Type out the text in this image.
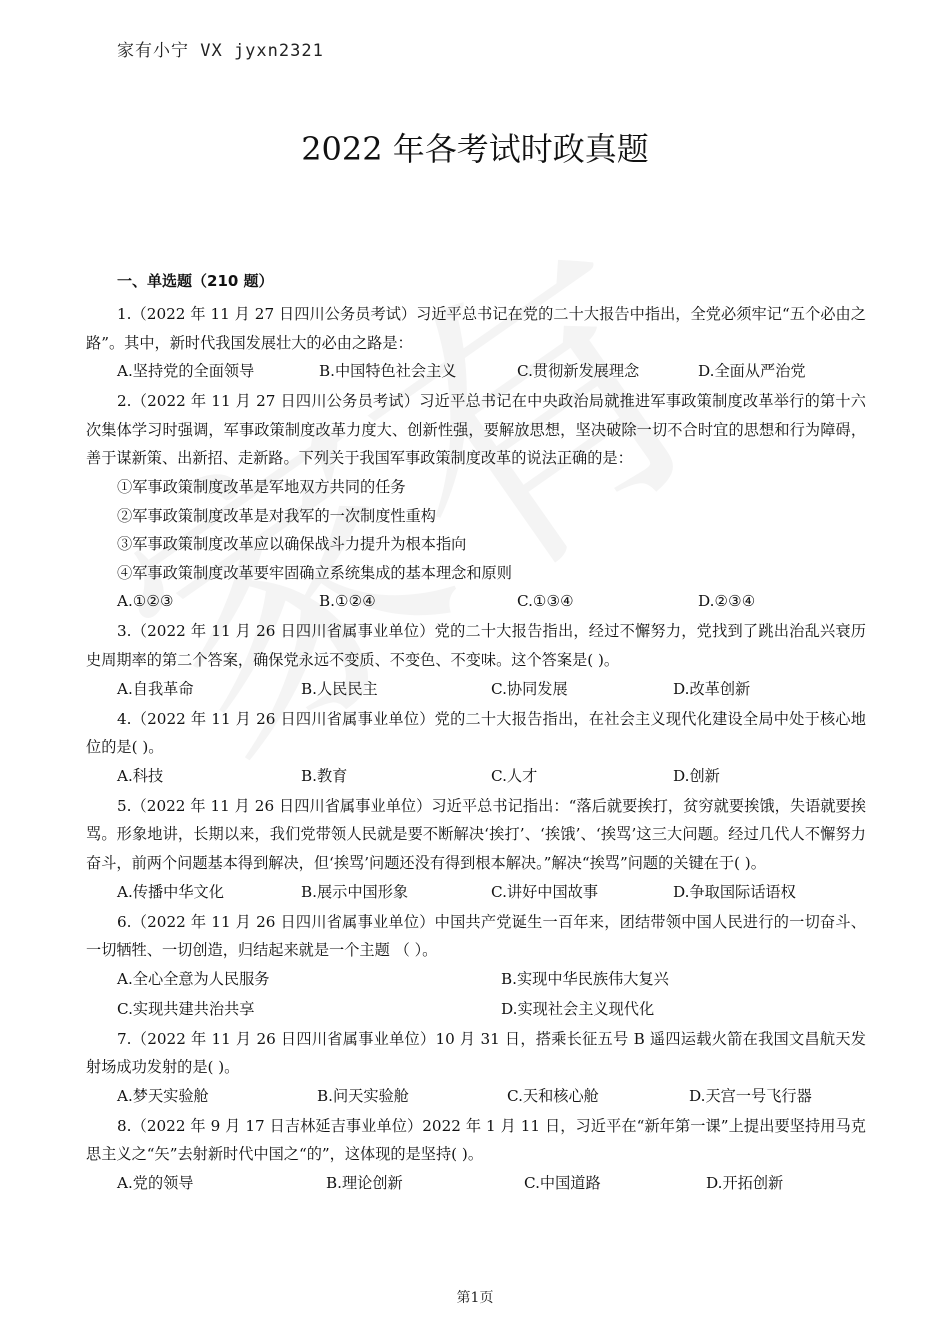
家有小宁 VX jyxn2321
2022 年各考试时政真题

一、单选题（210 题）

1.（2022 年 11 月 27 日四川公务员考试）习近平总书记在党的二十大报告中指出，全党必须牢记“五个必由之路”。其中，新时代我国发展壮大的必由之路是：

A.坚持党的全面领导	B.中国特色社会主义	C.贯彻新发展理念	D.全面从严治党

2.（2022 年 11 月 27 日四川公务员考试）习近平总书记在中央政治局就推进军事政策制度改革举行的第十六次集体学习时强调，军事政策制度改革力度大、创新性强，要解放思想，坚决破除一切不合时宜的思想和行为障碍，善于谋新策、出新招、走新路。下列关于我国军事政策制度改革的说法正确的是：

①军事政策制度改革是军地双方共同的任务

②军事政策制度改革是对我军的一次制度性重构

③军事政策制度改革应以确保战斗力提升为根本指向

④军事政策制度改革要牢固确立系统集成的基本理念和原则

A.①②③	B.①②④	C.①③④	D.②③④

3.（2022 年 11 月 26 日四川省属事业单位）党的二十大报告指出，经过不懈努力，党找到了跳出治乱兴衰历史周期率的第二个答案，确保党永远不变质、不变色、不变味。这个答案是( )。

A.自我革命	B.人民民主	C.协同发展	D.改革创新

4.（2022 年 11 月 26 日四川省属事业单位）党的二十大报告指出，在社会主义现代化建设全局中处于核心地位的是( )。

A.科技	B.教育	C.人才	D.创新

5.（2022 年 11 月 26 日四川省属事业单位）习近平总书记指出：“落后就要挨打，贫穷就要挨饿，失语就要挨骂。形象地讲，长期以来，我们党带领人民就是要不断解决‘挨打’、‘挨饿’、‘挨骂’这三大问题。经过几代人不懈努力奋斗，前两个问题基本得到解决，但‘挨骂’问题还没有得到根本解决。”解决“挨骂”问题的关键在于( )。

A.传播中华文化	B.展示中国形象	C.讲好中国故事	D.争取国际话语权

6.（2022 年 11 月 26 日四川省属事业单位）中国共产党诞生一百年来，团结带领中国人民进行的一切奋斗、一切牺牲、一切创造，归结起来就是一个主题 （ ）。

A.全心全意为人民服务	B.实现中华民族伟大复兴
C.实现共建共治共享	D.实现社会主义现代化

7.（2022 年 11 月 26 日四川省属事业单位）10 月 31 日，搭乘长征五号 B 遥四运载火箭在我国文昌航天发射场成功发射的是( )。

A.梦天实验舱	B.问天实验舱	C.天和核心舱	D.天宫一号飞行器

8.（2022 年 9 月 17 日吉林延吉事业单位）2022 年 1 月 11 日，习近平在“新年第一课”上提出要坚持用马克思主义之“矢”去射新时代中国之“的”，这体现的是坚持( )。

A.党的领导	B.理论创新	C.中国道路	D.开拓创新
第1页
